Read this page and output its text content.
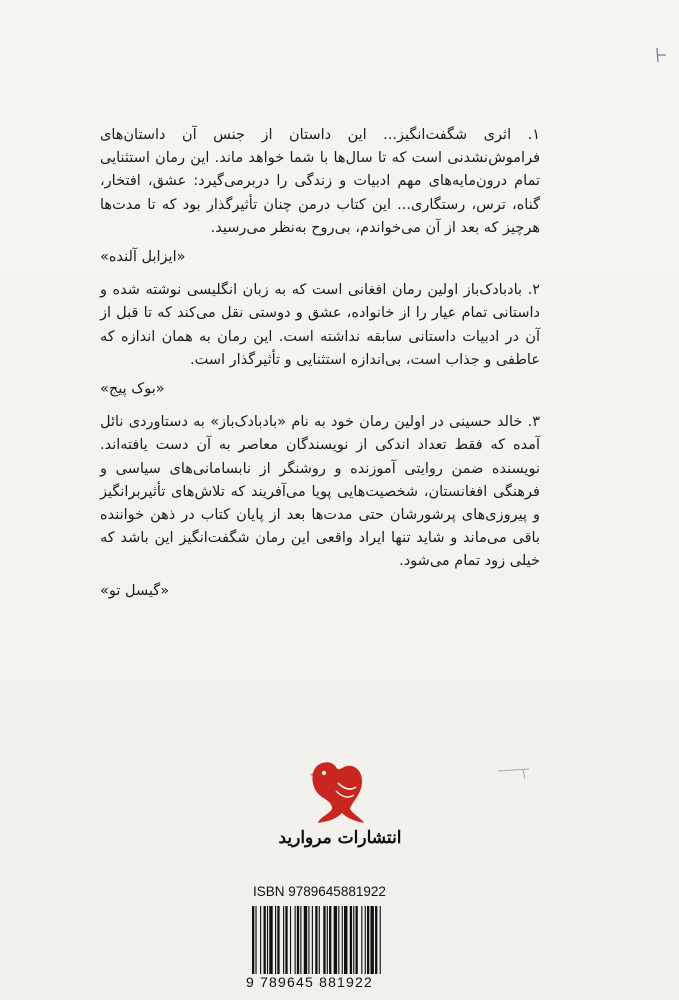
۱. اثری شگفت‌انگیز... این داستان از جنس آن داستان‌های فراموش‌نشدنی است که تا سال‌ها با شما خواهد ماند. این رمان استثنایی تمام درون‌مایه‌های مهم ادبیات و زندگی را دربرمی‌گیرد: عشق، افتخار، گناه، ترس، رستگاری... این کتاب درمن چنان تأثیرگذار بود که تا مدت‌ها هرچیز که بعد از آن می‌خواندم، بی‌روح به‌نظر می‌رسید.

«ایزابل آلنده»

۲. بادبادک‌باز اولین رمان افغانی است که به زبان انگلیسی نوشته شده و داستانی تمام عیار را از خانواده، عشق و دوستی نقل می‌کند که تا قبل از آن در ادبیات داستانی سابقه نداشته است. این رمان به همان اندازه که عاطفی و جذاب است، بی‌اندازه استثنایی و تأثیرگذار است.

«بوک پیج»

۳. خالد حسینی در اولین رمان خود به نام «بادبادک‌باز» به دستاوردی نائل آمده که فقط تعداد اندکی از نویسندگان معاصر به آن دست یافته‌اند. نویسنده ضمن روایتی آموزنده و روشنگر از نابسامانی‌های سیاسی و فرهنگی افغانستان، شخصیت‌هایی پویا می‌آفریند که تلاش‌های تأثیربرانگیز و پیروزی‌های پرشورشان حتی مدت‌ها بعد از پایان کتاب در ذهن خواننده باقی می‌ماند و شاید تنها ایراد واقعی این رمان شگفت‌انگیز این باشد که خیلی زود تمام می‌شود.

«گیسل تو»
انتشارات مروارید
ISBN 9789645881922
9 789645 881922
